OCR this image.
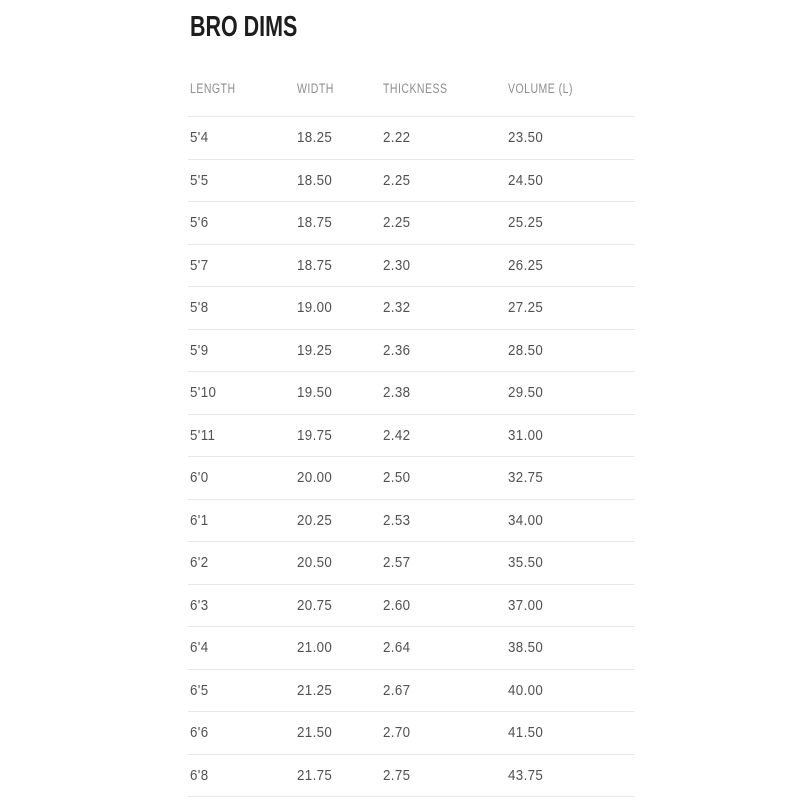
BRO DIMS
LENGTH	WIDTH	THICKNESS	VOLUME (L)
5'4	18.25	2.22	23.50
5'5	18.50	2.25	24.50
5'6	18.75	2.25	25.25
5'7	18.75	2.30	26.25
5'8	19.00	2.32	27.25
5'9	19.25	2.36	28.50
5'10	19.50	2.38	29.50
5'11	19.75	2.42	31.00
6'0	20.00	2.50	32.75
6'1	20.25	2.53	34.00
6'2	20.50	2.57	35.50
6'3	20.75	2.60	37.00
6'4	21.00	2.64	38.50
6'5	21.25	2.67	40.00
6'6	21.50	2.70	41.50
6'8	21.75	2.75	43.75
